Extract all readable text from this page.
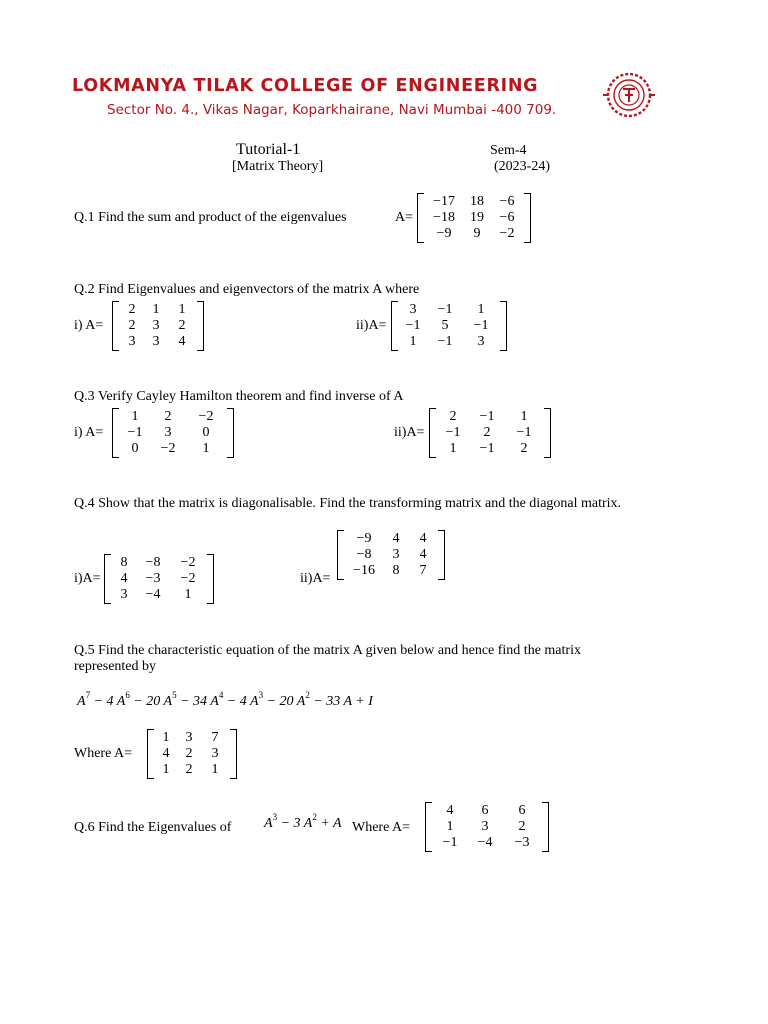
LOKMANYA TILAK COLLEGE OF ENGINEERING
Sector No. 4., Vikas Nagar, Koparkhairane, Navi Mumbai -400 709.
Tutorial-1
[Matrix Theory]
Sem-4
(2023-24)
Q.1 Find the sum and product of the eigenvalues	A=
−17	18	−6
−18	19	−6
−9	9	−2
Q.2 Find Eigenvalues and eigenvectors of the matrix A where
i) A=
2	1	1
2	3	2
3	3	4
ii)A=
3	−1	1
−1	5	−1
1	−1	3
Q.3 Verify Cayley Hamilton theorem and find inverse of A
i) A=
1	2	−2
−1	3	0
0	−2	1
ii)A=
2	−1	1
−1	2	−1
1	−1	2
Q.4 Show that the matrix is diagonalisable. Find the transforming matrix and the diagonal matrix.
i)A=
8	−8	−2
4	−3	−2
3	−4	1
ii)A=
−9	4	4
−8	3	4
−16	8	7
Q.5 Find the characteristic equation of the matrix A given below and hence find the matrix
represented by
$A^7 - 4$ $A^6 - 20$ $A^5 - 34$ $A^4 - 4$ $A^3 - 20$ $A^2 - 33$ A + I
Where A=
1	3	7
4	2	3
1	2	1
Q.6 Find the Eigenvalues of $A^3 - 3$ $A^2 + A$ Where A=
4	6	6
1	3	2
−1	−4	−3
